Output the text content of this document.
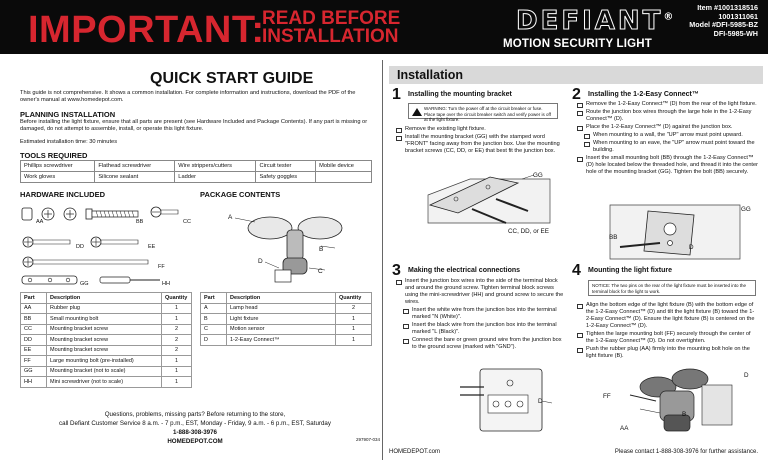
IMPORTANT:
READ BEFORE
INSTALLATION
DEFIANT®
MOTION SECURITY LIGHT
Item #1001318516
1001311061
Model #DFI-5985-BZ
DFI-5985-WH
QUICK START GUIDE
This guide is not comprehensive. It shows a common installation. For complete information and instructions, download the PDF of the owner's manual at www.homedepot.com.
PLANNING INSTALLATION
Before installing the light fixture, ensure that all parts are present (see Hardware Included and Package Contents). If any part is missing or damaged, do not attempt to assemble, install, or operate this light fixture.
Estimated installation time: 30 minutes
TOOLS REQUIRED
Phillips screwdriver	Flathead screwdriver	Wire strippers/cutters	Circuit tester	Mobile device
Work gloves	Silicone sealant	Ladder	Safety goggles	
HARDWARE INCLUDED	PACKAGE CONTENTS
AA	BB	CC
DD	EE
FF
GG	HH
A
B
C
D
Part	Description	Quantity
AA	Rubber plug	1
BB	Small mounting bolt	1
CC	Mounting bracket screw	2
DD	Mounting bracket screw	2
EE	Mounting bracket screw	2
FF	Large mounting bolt (pre-installed)	1
GG	Mounting bracket (not to scale)	1
HH	Mini screwdriver (not to scale)	1
Part	Description	Quantity
A	Lamp head	2
B	Light fixture	1
C	Motion sensor	1
D	1-2-Easy Connect™	1
Questions, problems, missing parts? Before returning to the store,
call Defiant Customer Service 8 a.m. - 7 p.m., EST, Monday - Friday, 9 a.m. - 6 p.m., EST, Saturday
1-888-308-3976
HOMEDEPOT.COM	297907-034
Installation
1 Installing the mounting bracket
WARNING: Turn the power off at the circuit breaker or fuse. Place tape over the circuit breaker switch and verify power is off at the light fixture.
Remove the existing light fixture.
Install the mounting bracket (GG) with the stamped word "FRONT" facing away from the junction box. Use the mounting bracket screws (CC, DD, or EE) that best fit the junction box.
GG
CC, DD, or EE
2 Installing the 1-2-Easy Connect™
Remove the 1-2-Easy Connect™ (D) from the rear of the light fixture.
Route the junction box wires through the large hole in the 1-2-Easy Connect™ (D).
Place the 1-2-Easy Connect™ (D) against the junction box.
When mounting to a wall, the "UP" arrow must point upward.
When mounting to an eave, the "UP" arrow must point toward the building.
Insert the small mounting bolt (BB) through the 1-2-Easy Connect™ (D) hole located below the threaded hole, and thread it into the center hole of the mounting bracket (GG). Tighten the bolt (BB) securely.
GG
BB
D
3 Making the electrical connections
Insert the junction box wires into the side of the terminal block and around the ground screw. Tighten terminal block screws using the mini-screwdriver (HH) and ground screw to secure the wires.
Insert the white wire from the junction box into the terminal marked "N (White)".
Insert the black wire from the junction box into the terminal marked "L (Black)".
Connect the bare or green ground wire from the junction box to the ground screw (marked with "GND").
D
4 Mounting the light fixture
NOTICE: The two pins on the rear of the light fixture must be inserted into the terminal block for the light to work.
Align the bottom edge of the light fixture (B) with the bottom edge of the 1-2-Easy Connect™ (D) and tilt the light fixture (B) toward the 1-2-Easy Connect™ (D). Ensure the light fixture (B) is centered on the 1-2-Easy Connect™ (D).
Tighten the large mounting bolt (FF) securely through the center of the 1-2-Easy Connect™ (D). Do not overtighten.
Push the rubber plug (AA) firmly into the mounting bolt hole on the light fixture (B).
D
FF
B
AA
HOMEDEPOT.com	Please contact 1-888-308-3976 for further assistance.
